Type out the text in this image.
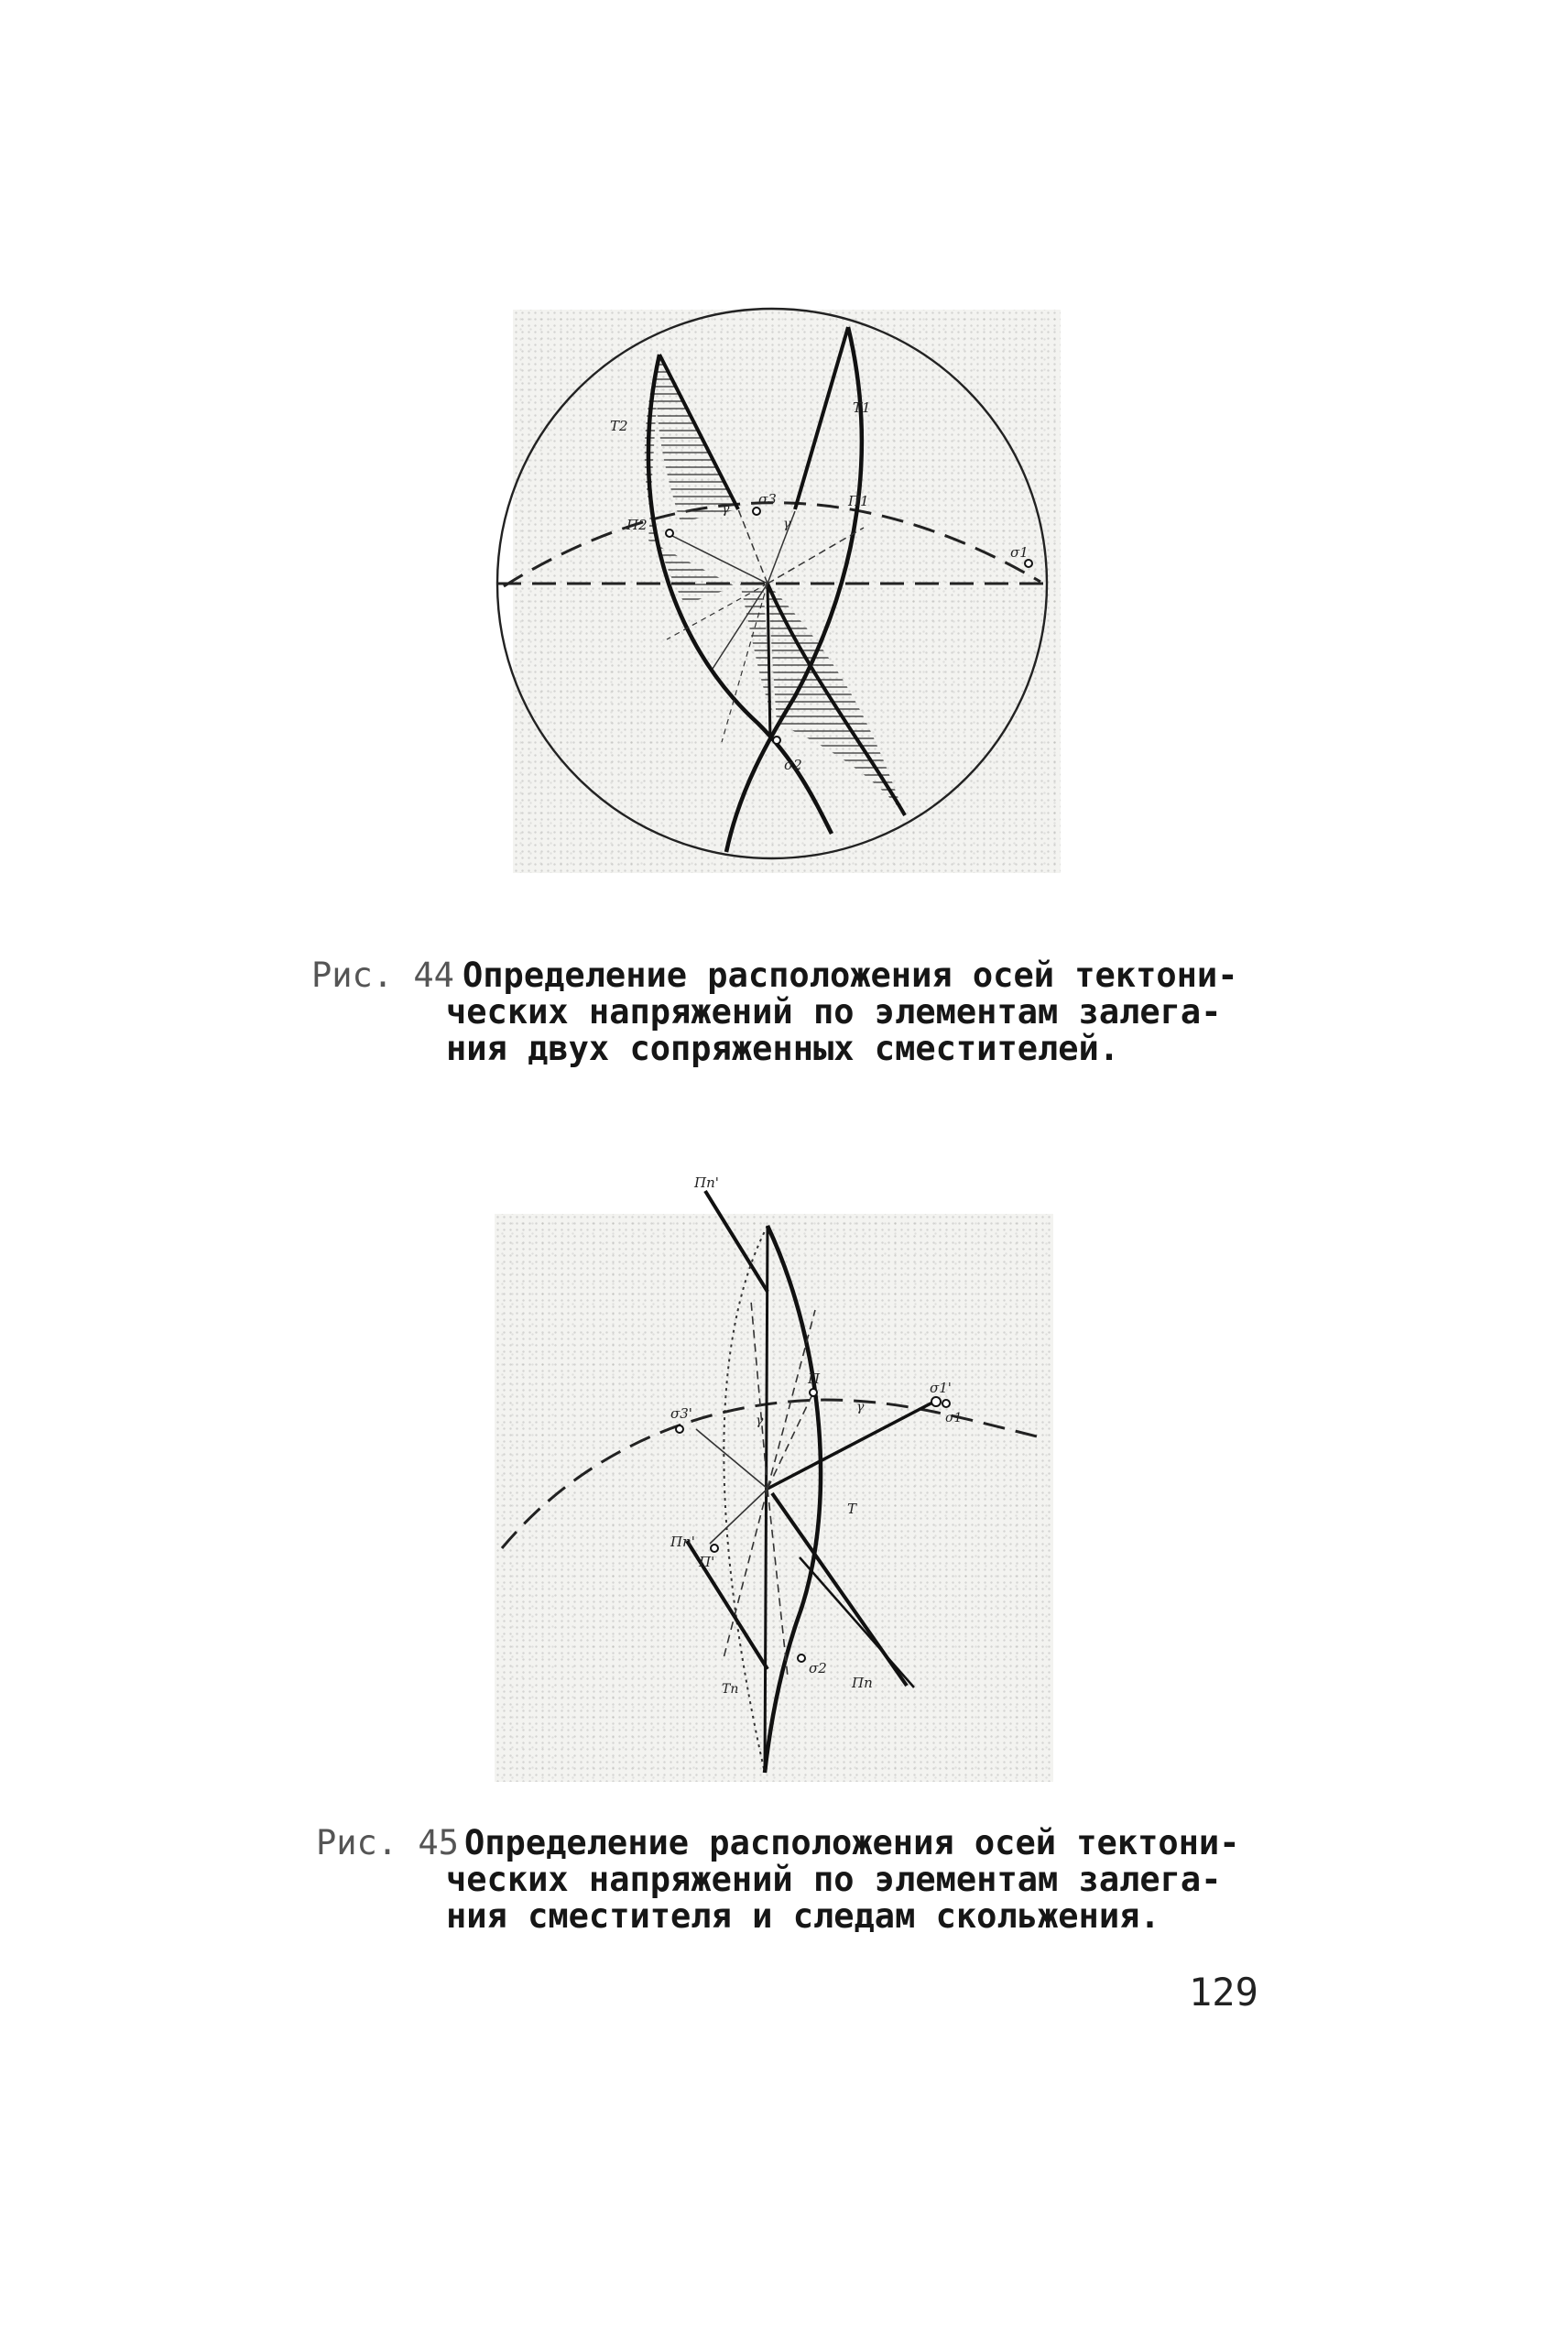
T2
T1
П2
σ3	П1
σ1
σ2
γ
γ
Рис. 44 Определение расположения осей тектони-
ческих напряжений по элементам залега-
ния двух сопряженных сместителей.
Пп'
σ3'
П
σ1'
σ1
γ
γ
T
Пп'
П'
Тn
σ2
Пп
Рис. 45 Определение расположения осей тектони-
ческих напряжений по элементам залега-
ния сместителя и следам скольжения.
129
